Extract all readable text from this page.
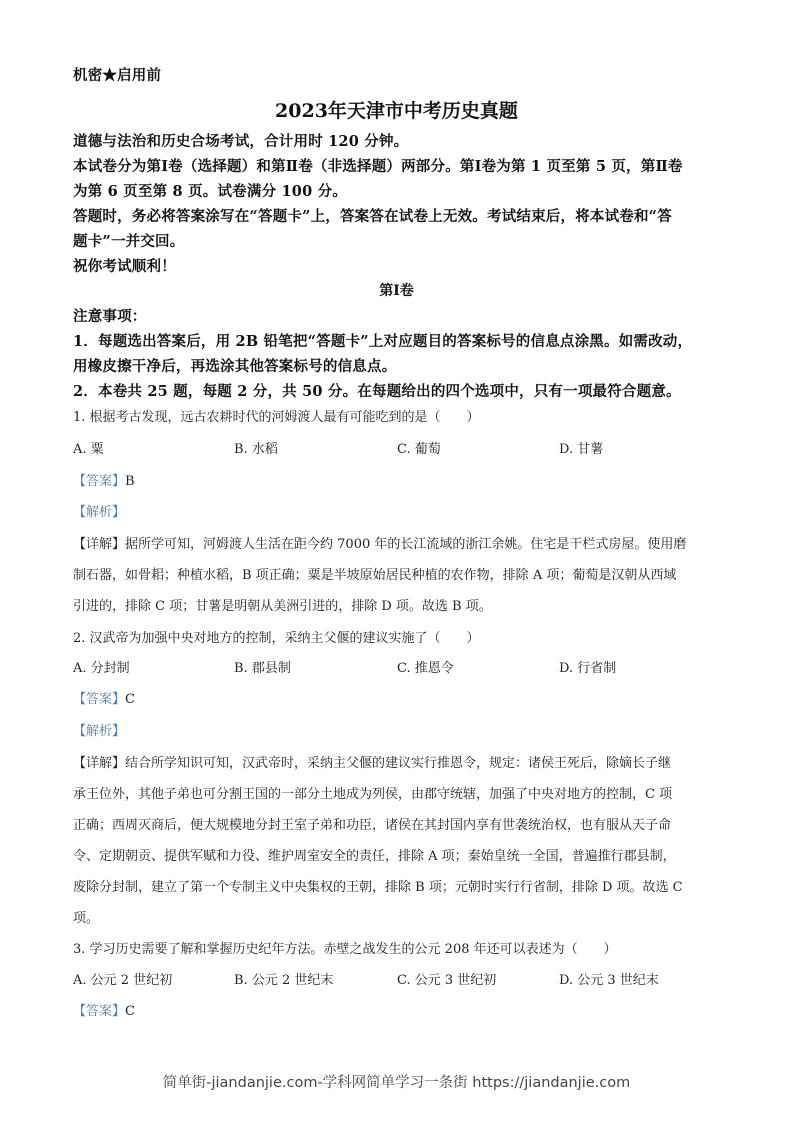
机密★启用前
2023年天津市中考历史真题
道德与法治和历史合场考试，合计用时 120 分钟。
本试卷分为第Ⅰ卷（选择题）和第Ⅱ卷（非选择题）两部分。第Ⅰ卷为第 1 页至第 5 页，第Ⅱ卷
为第 6 页至第 8 页。试卷满分 100 分。
答题时，务必将答案涂写在“答题卡”上，答案答在试卷上无效。考试结束后，将本试卷和“答
题卡”一并交回。
祝你考试顺利！
第Ⅰ卷
注意事项：
1．每题选出答案后，用 2B 铅笔把“答题卡”上对应题目的答案标号的信息点涂黑。如需改动，
用橡皮擦干净后，再选涂其他答案标号的信息点。
2．本卷共 25 题，每题 2 分，共 50 分。在每题给出的四个选项中，只有一项最符合题意。
1. 根据考古发现，远古农耕时代的河姆渡人最有可能吃到的是（　　）
A. 粟	B. 水稻	C. 葡萄	D. 甘薯
【答案】B
【解析】
【详解】据所学可知，河姆渡人生活在距今约 7000 年的长江流域的浙江余姚。住宅是干栏式房屋。使用磨
制石器，如骨耜；种植水稻，B 项正确；粟是半坡原始居民种植的农作物，排除 A 项；葡萄是汉朝从西域
引进的，排除 C 项；甘薯是明朝从美洲引进的，排除 D 项。故选 B 项。
2. 汉武帝为加强中央对地方的控制，采纳主父偃的建议实施了（　　）
A. 分封制	B. 郡县制	C. 推恩令	D. 行省制
【答案】C
【解析】
【详解】结合所学知识可知，汉武帝时，采纳主父偃的建议实行推恩令，规定：诸侯王死后，除嫡长子继
承王位外，其他子弟也可分割王国的一部分土地成为列侯，由郡守统辖，加强了中央对地方的控制，C 项
正确；西周灭商后，便大规模地分封王室子弟和功臣，诸侯在其封国内享有世袭统治权，也有服从天子命
令、定期朝贡、提供军赋和力役、维护周室安全的责任，排除 A 项；秦始皇统一全国，普遍推行郡县制，
废除分封制，建立了第一个专制主义中央集权的王朝，排除 B 项；元朝时实行行省制，排除 D 项。故选 C
项。
3. 学习历史需要了解和掌握历史纪年方法。赤壁之战发生的公元 208 年还可以表述为（　　）
A. 公元 2 世纪初	B. 公元 2 世纪末	C. 公元 3 世纪初	D. 公元 3 世纪末
【答案】C
简单街-jiandanjie.com-学科网简单学习一条街 https://jiandanjie.com
